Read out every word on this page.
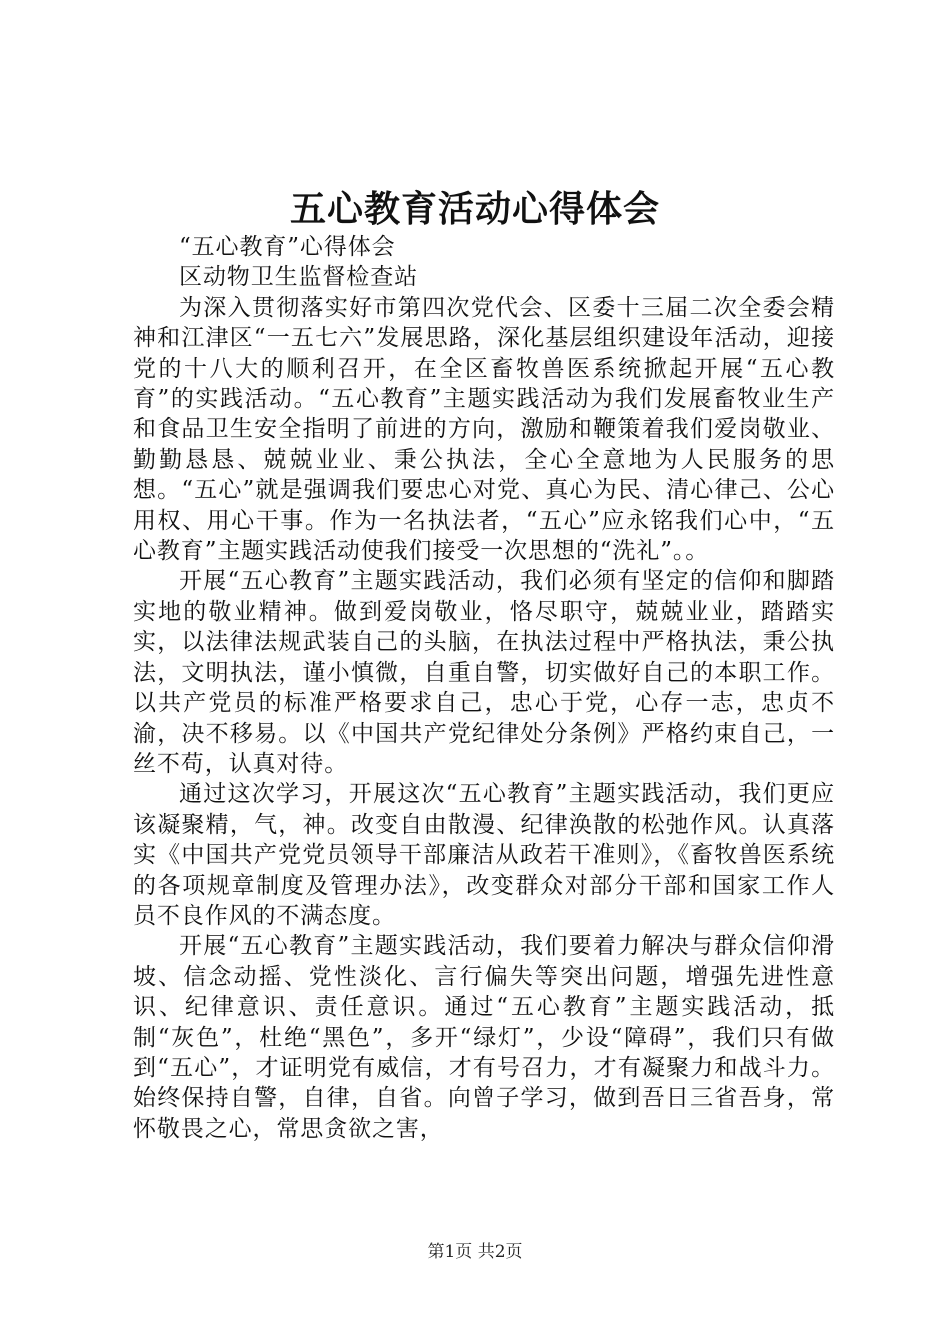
五心教育活动心得体会

“五心教育”心得体会

区动物卫生监督检查站

为深入贯彻落实好市第四次党代会、区委十三届二次全委会精神和江津区“一五七六”发展思路，深化基层组织建设年活动，迎接党的十八大的顺利召开，在全区畜牧兽医系统掀起开展“五心教育”的实践活动。“五心教育”主题实践活动为我们发展畜牧业生产和食品卫生安全指明了前进的方向，激励和鞭策着我们爱岗敬业、勤勤恳恳、兢兢业业、秉公执法，全心全意地为人民服务的思想。“五心”就是强调我们要忠心对党、真心为民、清心律己、公心用权、用心干事。作为一名执法者，“五心”应永铭我们心中，“五心教育”主题实践活动使我们接受一次思想的“洗礼”。。

开展“五心教育”主题实践活动，我们必须有坚定的信仰和脚踏实地的敬业精神。做到爱岗敬业，恪尽职守，兢兢业业，踏踏实实，以法律法规武装自己的头脑，在执法过程中严格执法，秉公执法，文明执法，谨小慎微，自重自警，切实做好自己的本职工作。以共产党员的标准严格要求自己，忠心于党，心存一志，忠贞不渝，决不移易。以《中国共产党纪律处分条例》严格约束自己，一丝不苟，认真对待。

通过这次学习，开展这次“五心教育”主题实践活动，我们更应该凝聚精，气，神。改变自由散漫、纪律涣散的松弛作风。认真落实《中国共产党党员领导干部廉洁从政若干准则》，《畜牧兽医系统的各项规章制度及管理办法》，改变群众对部分干部和国家工作人员不良作风的不满态度。

开展“五心教育”主题实践活动，我们要着力解决与群众信仰滑坡、信念动摇、党性淡化、言行偏失等突出问题，增强先进性意识、纪律意识、责任意识。通过“五心教育”主题实践活动，抵制“灰色”，杜绝“黑色”，多开“绿灯”，少设“障碍”，我们只有做到“五心”，才证明党有威信，才有号召力，才有凝聚力和战斗力。始终保持自警，自律，自省。向曾子学习，做到吾日三省吾身，常怀敬畏之心，常思贪欲之害，

第1页 共2页
